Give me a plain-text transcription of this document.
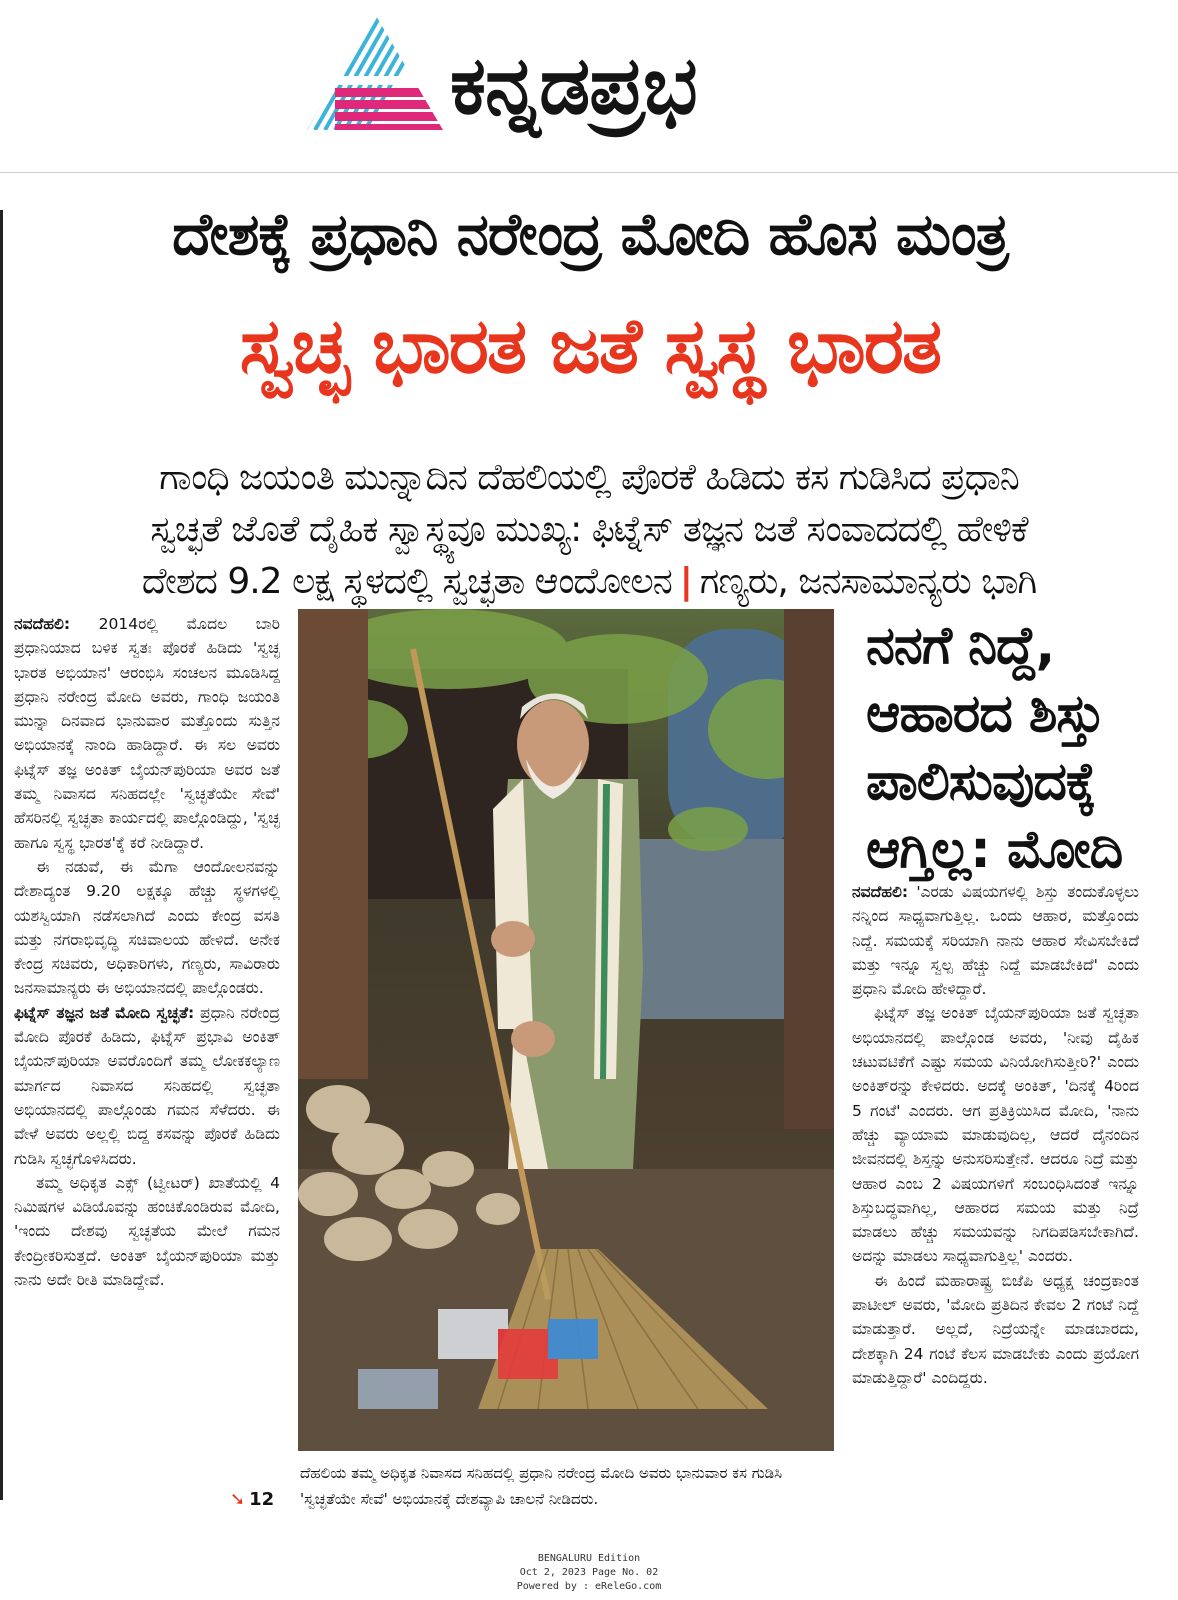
ಕನ್ನಡಪ್ರಭ
ದೇಶಕ್ಕೆ ಪ್ರಧಾನಿ ನರೇಂದ್ರ ಮೋದಿ ಹೊಸ ಮಂತ್ರ
ಸ್ವಚ್ಛ ಭಾರತ ಜತೆ ಸ್ವಸ್ಥ ಭಾರತ
ಗಾಂಧಿ ಜಯಂತಿ ಮುನ್ನಾದಿನ ದೆಹಲಿಯಲ್ಲಿ ಪೊರಕೆ ಹಿಡಿದು ಕಸ ಗುಡಿಸಿದ ಪ್ರಧಾನಿ
ಸ್ವಚ್ಛತೆ ಜೊತೆ ದೈಹಿಕ ಸ್ವಾಸ್ಥ್ಯವೂ ಮುಖ್ಯ: ಫಿಟ್ನೆಸ್ ತಜ್ಞನ ಜತೆ ಸಂವಾದದಲ್ಲಿ ಹೇಳಿಕೆ
ದೇಶದ 9.2 ಲಕ್ಷ ಸ್ಥಳದಲ್ಲಿ ಸ್ವಚ್ಛತಾ ಆಂದೋಲನ | ಗಣ್ಯರು, ಜನಸಾಮಾನ್ಯರು ಭಾಗಿ

ನವದೆಹಲಿ: 2014ರಲ್ಲಿ ಮೊದಲ ಬಾರಿ ಪ್ರಧಾನಿಯಾದ ಬಳಿಕ ಸ್ವತಃ ಪೊರಕೆ ಹಿಡಿದು 'ಸ್ವಚ್ಛ ಭಾರತ ಅಭಿಯಾನ' ಆರಂಭಿಸಿ ಸಂಚಲನ ಮೂಡಿಸಿದ್ದ ಪ್ರಧಾನಿ ನರೇಂದ್ರ ಮೋದಿ ಅವರು, ಗಾಂಧಿ ಜಯಂತಿ ಮುನ್ನಾ ದಿನವಾದ ಭಾನುವಾರ ಮತ್ತೊಂದು ಸುತ್ತಿನ ಅಭಿಯಾನಕ್ಕೆ ನಾಂದಿ ಹಾಡಿದ್ದಾರೆ. ಈ ಸಲ ಅವರು ಫಿಟ್ನೆಸ್ ತಜ್ಞ ಅಂಕಿತ್ ಬೈಯನ್‌ಪುರಿಯಾ ಅವರ ಜತೆ ತಮ್ಮ ನಿವಾಸದ ಸನಿಹದಲ್ಲೇ 'ಸ್ವಚ್ಛತೆಯೇ ಸೇವೆ' ಹೆಸರಿನಲ್ಲಿ ಸ್ವಚ್ಛತಾ ಕಾರ್ಯದಲ್ಲಿ ಪಾಲ್ಗೊಂಡಿದ್ದು, 'ಸ್ವಚ್ಛ ಹಾಗೂ ಸ್ವಸ್ಥ ಭಾರತ'ಕ್ಕೆ ಕರೆ ನೀಡಿದ್ದಾರೆ.

ಈ ನಡುವೆ, ಈ ಮೆಗಾ ಆಂದೋಲನವನ್ನು ದೇಶಾದ್ಯಂತ 9.20 ಲಕ್ಷಕ್ಕೂ ಹೆಚ್ಚು ಸ್ಥಳಗಳಲ್ಲಿ ಯಶಸ್ವಿಯಾಗಿ ನಡೆಸಲಾಗಿದೆ ಎಂದು ಕೇಂದ್ರ ವಸತಿ ಮತ್ತು ನಗರಾಭಿವೃದ್ಧಿ ಸಚಿವಾಲಯ ಹೇಳಿದೆ. ಅನೇಕ ಕೇಂದ್ರ ಸಚಿವರು, ಅಧಿಕಾರಿಗಳು, ಗಣ್ಯರು, ಸಾವಿರಾರು ಜನಸಾಮಾನ್ಯರು ಈ ಅಭಿಯಾನದಲ್ಲಿ ಪಾಲ್ಗೊಂಡರು.

ಫಿಟ್ನೆಸ್ ತಜ್ಞನ ಜತೆ ಮೋದಿ ಸ್ವಚ್ಛತೆ: ಪ್ರಧಾನಿ ನರೇಂದ್ರ ಮೋದಿ ಪೊರಕೆ ಹಿಡಿದು, ಫಿಟ್ನೆಸ್ ಪ್ರಭಾವಿ ಅಂಕಿತ್ ಬೈಯನ್‌ಪುರಿಯಾ ಅವರೊಂದಿಗೆ ತಮ್ಮ ಲೋಕಕಲ್ಯಾಣ ಮಾರ್ಗದ ನಿವಾಸದ ಸನಿಹದಲ್ಲಿ ಸ್ವಚ್ಛತಾ ಅಭಿಯಾನದಲ್ಲಿ ಪಾಲ್ಗೊಂಡು ಗಮನ ಸೆಳೆದರು. ಈ ವೇಳೆ ಅವರು ಅಲ್ಲಲ್ಲಿ ಬಿದ್ದ ಕಸವನ್ನು ಪೊರಕೆ ಹಿಡಿದು ಗುಡಿಸಿ ಸ್ವಚ್ಛಗೊಳಿಸಿದರು.

ತಮ್ಮ ಅಧಿಕೃತ ಎಕ್ಸ್ (ಟ್ವೀಟರ್) ಖಾತೆಯಲ್ಲಿ 4 ನಿಮಿಷಗಳ ವಿಡಿಯೊವನ್ನು ಹಂಚಿಕೊಂಡಿರುವ ಮೋದಿ, 'ಇಂದು ದೇಶವು ಸ್ವಚ್ಛತೆಯ ಮೇಲೆ ಗಮನ ಕೇಂದ್ರೀಕರಿಸುತ್ತದೆ. ಅಂಕಿತ್ ಬೈಯನ್‌ಪುರಿಯಾ ಮತ್ತು ನಾನು ಅದೇ ರೀತಿ ಮಾಡಿದ್ದೇವೆ.

➘ 12
ದೆಹಲಿಯ ತಮ್ಮ ಅಧಿಕೃತ ನಿವಾಸದ ಸನಿಹದಲ್ಲಿ ಪ್ರಧಾನಿ ನರೇಂದ್ರ ಮೋದಿ ಅವರು ಭಾನುವಾರ ಕಸ ಗುಡಿಸಿ 'ಸ್ವಚ್ಛತೆಯೇ ಸೇವೆ' ಅಭಿಯಾನಕ್ಕೆ ದೇಶವ್ಯಾಪಿ ಚಾಲನೆ ನೀಡಿದರು.
ನನಗೆ ನಿದ್ದೆ, ಆಹಾರದ ಶಿಸ್ತು ಪಾಲಿಸುವುದಕ್ಕೆ ಆಗ್ತಿಲ್ಲ: ಮೋದಿ

ನವದೆಹಲಿ: 'ಎರಡು ವಿಷಯಗಳಲ್ಲಿ ಶಿಸ್ತು ತಂದುಕೊಳ್ಳಲು ನನ್ನಿಂದ ಸಾಧ್ಯವಾಗುತ್ತಿಲ್ಲ. ಒಂದು ಆಹಾರ, ಮತ್ತೊಂದು ನಿದ್ದೆ. ಸಮಯಕ್ಕೆ ಸರಿಯಾಗಿ ನಾನು ಆಹಾರ ಸೇವಿಸಬೇಕಿದೆ ಮತ್ತು ಇನ್ನೂ ಸ್ವಲ್ಪ ಹೆಚ್ಚು ನಿದ್ದೆ ಮಾಡಬೇಕಿದೆ' ಎಂದು ಪ್ರಧಾನಿ ಮೋದಿ ಹೇಳಿದ್ದಾರೆ.

ಫಿಟ್ನೆಸ್ ತಜ್ಞ ಅಂಕಿತ್ ಬೈಯನ್‌ಪುರಿಯಾ ಜತೆ ಸ್ವಚ್ಛತಾ ಅಭಿಯಾನದಲ್ಲಿ ಪಾಲ್ಗೊಂಡ ಅವರು, 'ನೀವು ದೈಹಿಕ ಚಟುವಟಿಕೆಗೆ ಎಷ್ಟು ಸಮಯ ವಿನಿಯೋಗಿಸುತ್ತೀರಿ?' ಎಂದು ಅಂಕಿತ್‌ರನ್ನು ಕೇಳಿದರು. ಅದಕ್ಕೆ ಅಂಕಿತ್, 'ದಿನಕ್ಕೆ 4ರಿಂದ 5 ಗಂಟೆ' ಎಂದರು. ಆಗ ಪ್ರತಿಕ್ರಿಯಿಸಿದ ಮೋದಿ, 'ನಾನು ಹೆಚ್ಚು ವ್ಯಾಯಾಮ ಮಾಡುವುದಿಲ್ಲ, ಆದರೆ ದೈನಂದಿನ ಜೀವನದಲ್ಲಿ ಶಿಸ್ತನ್ನು ಅನುಸರಿಸುತ್ತೇನೆ. ಆದರೂ ನಿದ್ರೆ ಮತ್ತು ಆಹಾರ ಎಂಬ 2 ವಿಷಯಗಳಿಗೆ ಸಂಬಂಧಿಸಿದಂತೆ ಇನ್ನೂ ಶಿಸ್ತುಬದ್ಧವಾಗಿಲ್ಲ, ಆಹಾರದ ಸಮಯ ಮತ್ತು ನಿದ್ರೆ ಮಾಡಲು ಹೆಚ್ಚು ಸಮಯವನ್ನು ನಿಗದಿಪಡಿಸಬೇಕಾಗಿದೆ. ಅದನ್ನು ಮಾಡಲು ಸಾಧ್ಯವಾಗುತ್ತಿಲ್ಲ' ಎಂದರು.

ಈ ಹಿಂದೆ ಮಹಾರಾಷ್ಟ್ರ ಬಿಜೆಪಿ ಅಧ್ಯಕ್ಷ ಚಂದ್ರಕಾಂತ ಪಾಟೀಲ್ ಅವರು, 'ಮೋದಿ ಪ್ರತಿದಿನ ಕೇವಲ 2 ಗಂಟೆ ನಿದ್ದೆ ಮಾಡುತ್ತಾರೆ. ಅಲ್ಲದೆ, ನಿದ್ರೆಯನ್ನೇ ಮಾಡಬಾರದು, ದೇಶಕ್ಕಾಗಿ 24 ಗಂಟೆ ಕೆಲಸ ಮಾಡಬೇಕು ಎಂದು ಪ್ರಯೋಗ ಮಾಡುತ್ತಿದ್ದಾರೆ' ಎಂದಿದ್ದರು.

BENGALURU Edition
Oct 2, 2023 Page No. 02
Powered by : eReleGo.com
